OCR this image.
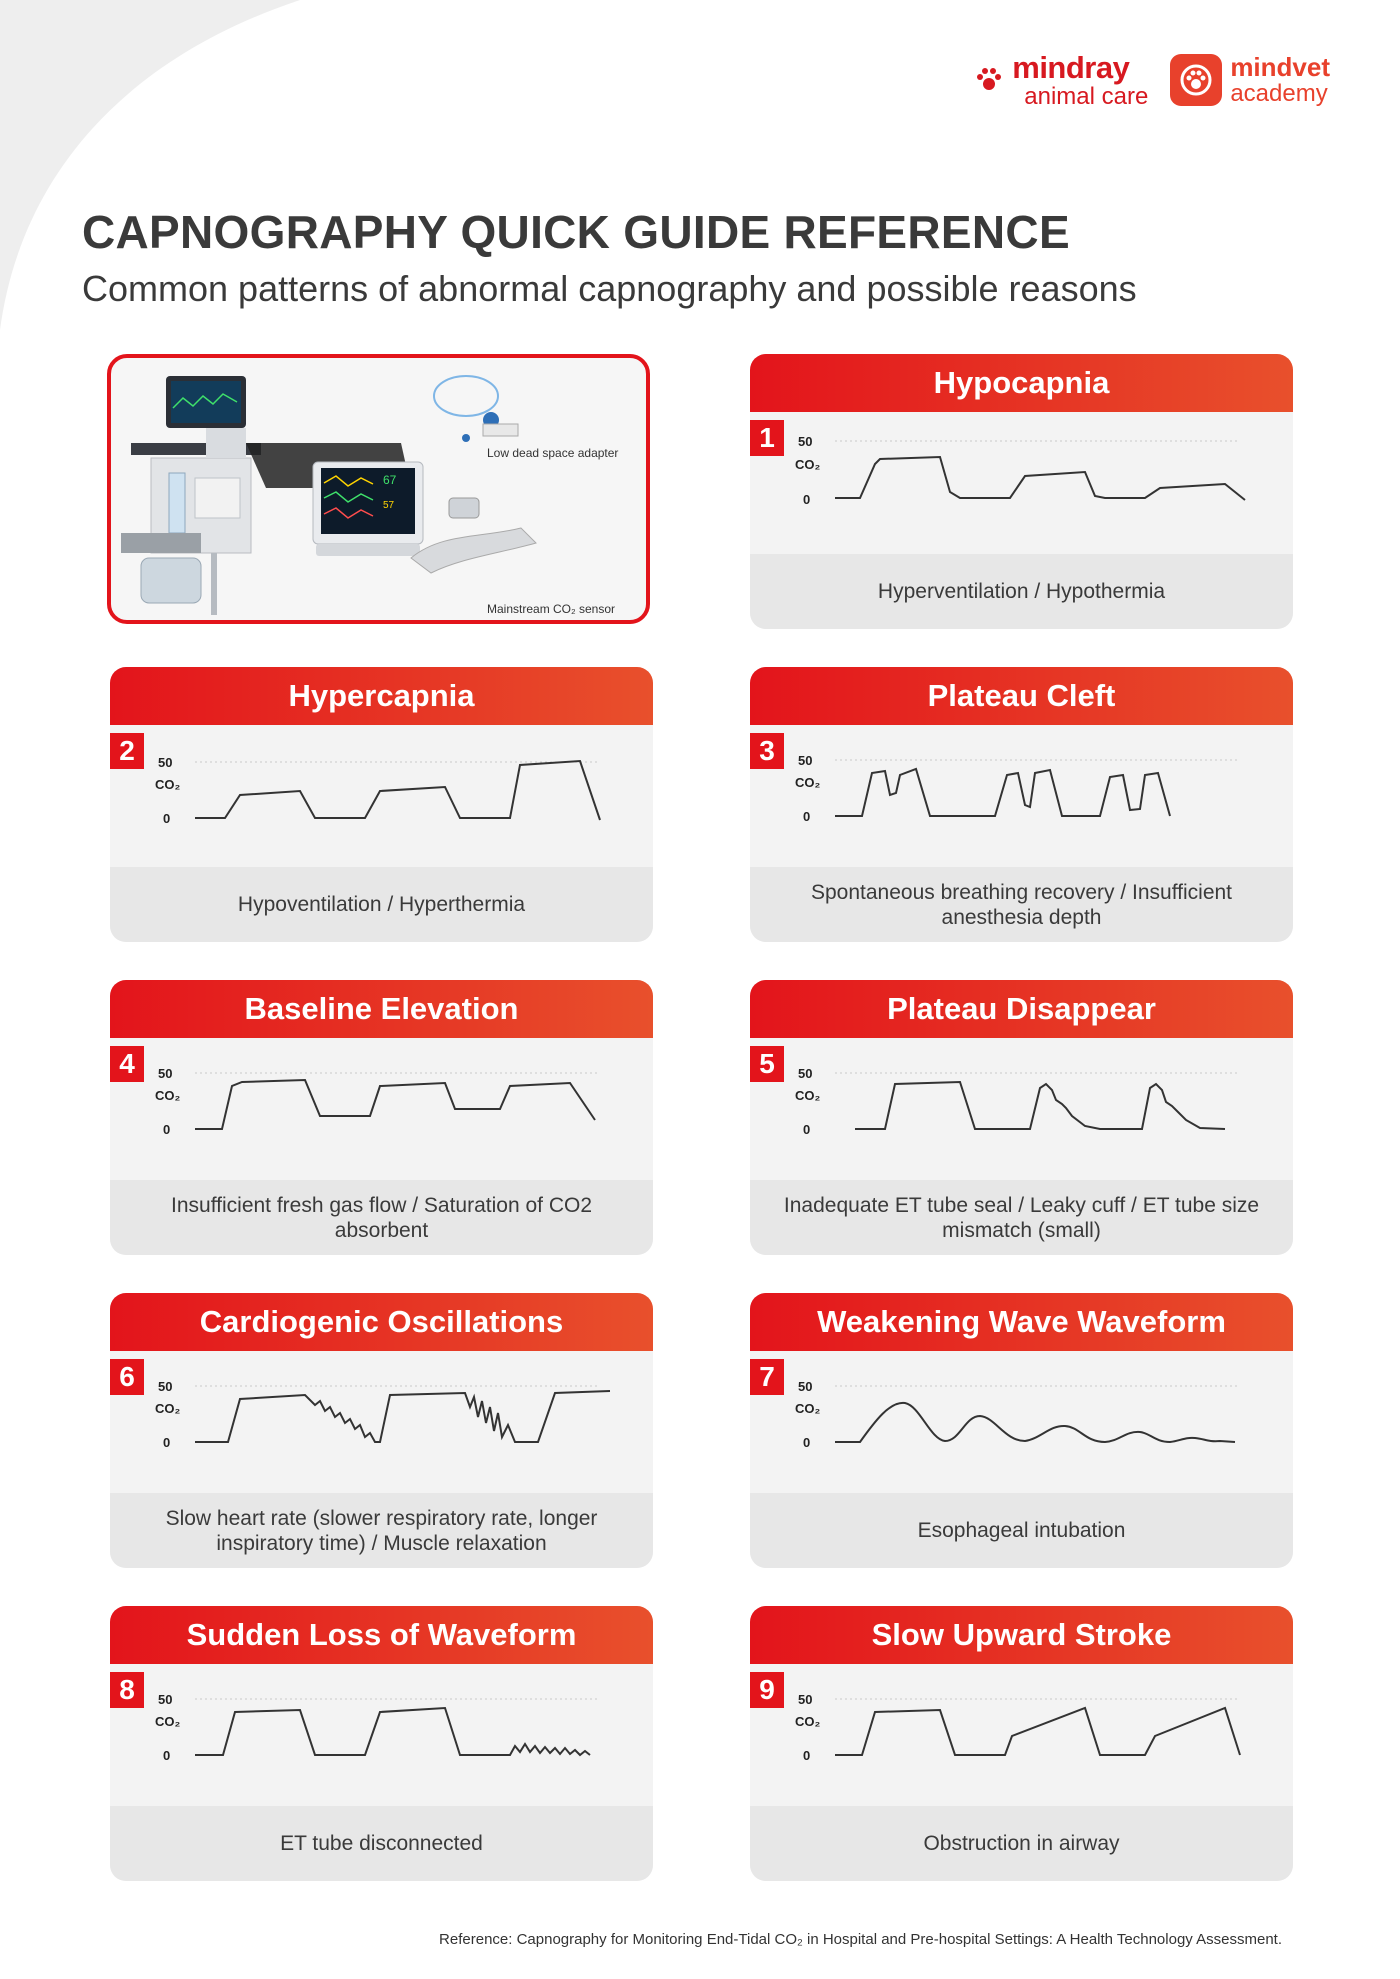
mindray
animal care
mindvet
academy
CAPNOGRAPHY QUICK GUIDE REFERENCE
Common patterns of abnormal capnography and possible reasons
67
57
Low dead space adapter
Mainstream CO₂ sensor
Hypocapnia
1	50
CO₂
0
Hyperventilation / Hypothermia
Hypercapnia
2	50
CO₂
0
Hypoventilation / Hyperthermia
Plateau Cleft
3	50
CO₂
0
Spontaneous breathing recovery / Insufficient anesthesia depth
Baseline Elevation
4	50
CO₂
0
Insufficient fresh gas flow / Saturation of CO2 absorbent
Plateau Disappear
5	50
CO₂
0
Inadequate ET tube seal / Leaky cuff / ET tube size mismatch (small)
Cardiogenic Oscillations
6	50
CO₂
0
Slow heart rate (slower respiratory rate, longer inspiratory time) / Muscle relaxation
Weakening Wave Waveform
7	50
CO₂
0
Esophageal intubation
Sudden Loss of Waveform
8	50
CO₂
0
ET tube disconnected
Slow Upward Stroke
9	50
CO₂
0
Obstruction in airway
Reference: Capnography for Monitoring End-Tidal CO₂ in Hospital and Pre-hospital Settings: A Health Technology Assessment.
